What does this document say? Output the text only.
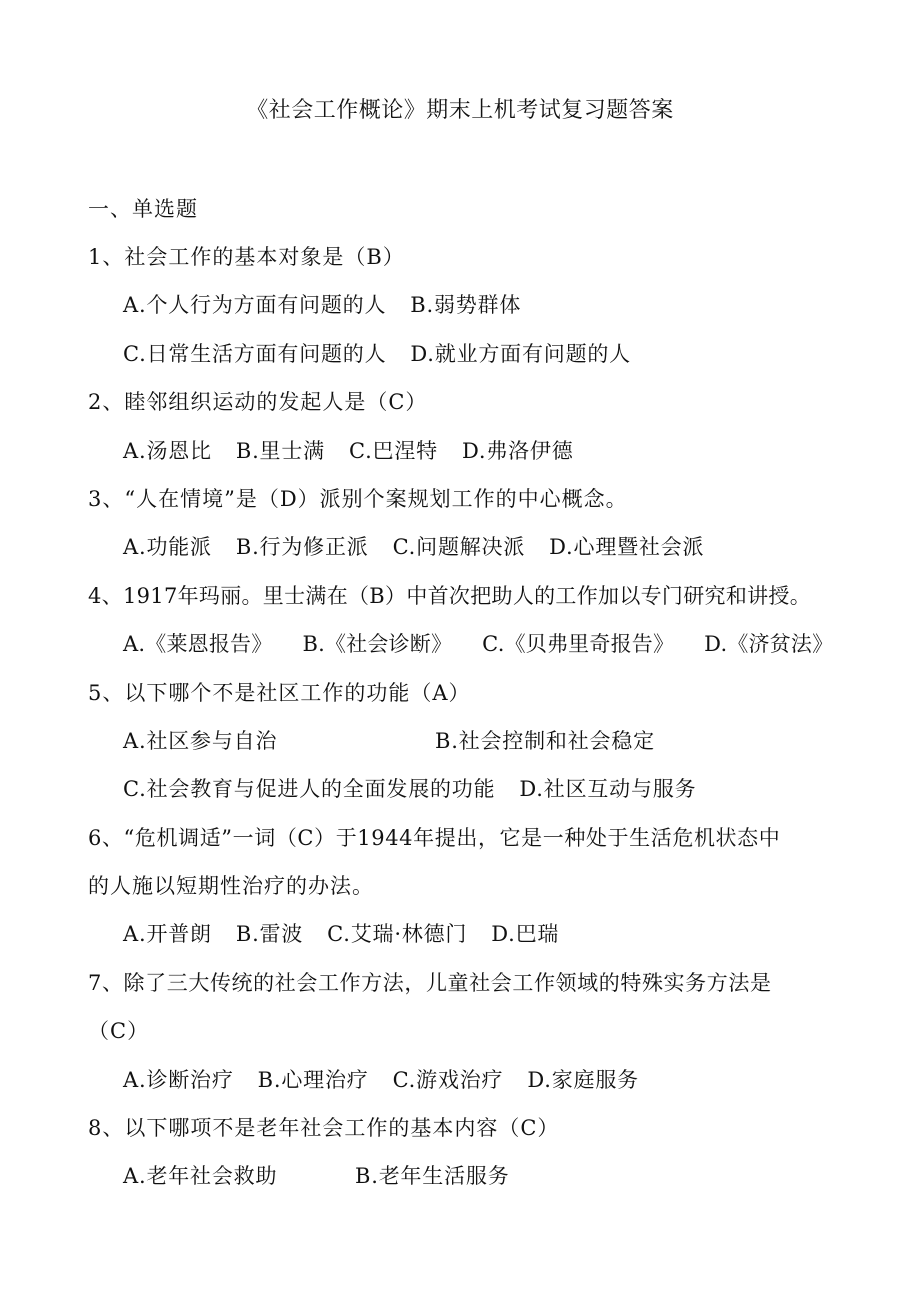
《社会工作概论》期末上机考试复习题答案
一、单选题
1、社会工作的基本对象是（B）
A.个人行为方面有问题的人 B.弱势群体
C.日常生活方面有问题的人 D.就业方面有问题的人
2、睦邻组织运动的发起人是（C）
A.汤恩比 B.里士满 C.巴涅特 D.弗洛伊德
3、“人在情境”是（D）派别个案规划工作的中心概念。
A.功能派 B.行为修正派 C.问题解决派 D.心理暨社会派
4、1917年玛丽。里士满在（B）中首次把助人的工作加以专门研究和讲授。
A.《莱恩报告》 B.《社会诊断》 C.《贝弗里奇报告》 D.《济贫法》
5、以下哪个不是社区工作的功能（A）
A.社区参与自治	B.社会控制和社会稳定
C.社会教育与促进人的全面发展的功能 D.社区互动与服务
6、“危机调适”一词（C）于1944年提出，它是一种处于生活危机状态中
的人施以短期性治疗的办法。
A.开普朗 B.雷波 C.艾瑞·林德门 D.巴瑞
7、除了三大传统的社会工作方法，儿童社会工作领域的特殊实务方法是
（C）
A.诊断治疗 B.心理治疗 C.游戏治疗 D.家庭服务
8、以下哪项不是老年社会工作的基本内容（C）
A.老年社会救助	B.老年生活服务
